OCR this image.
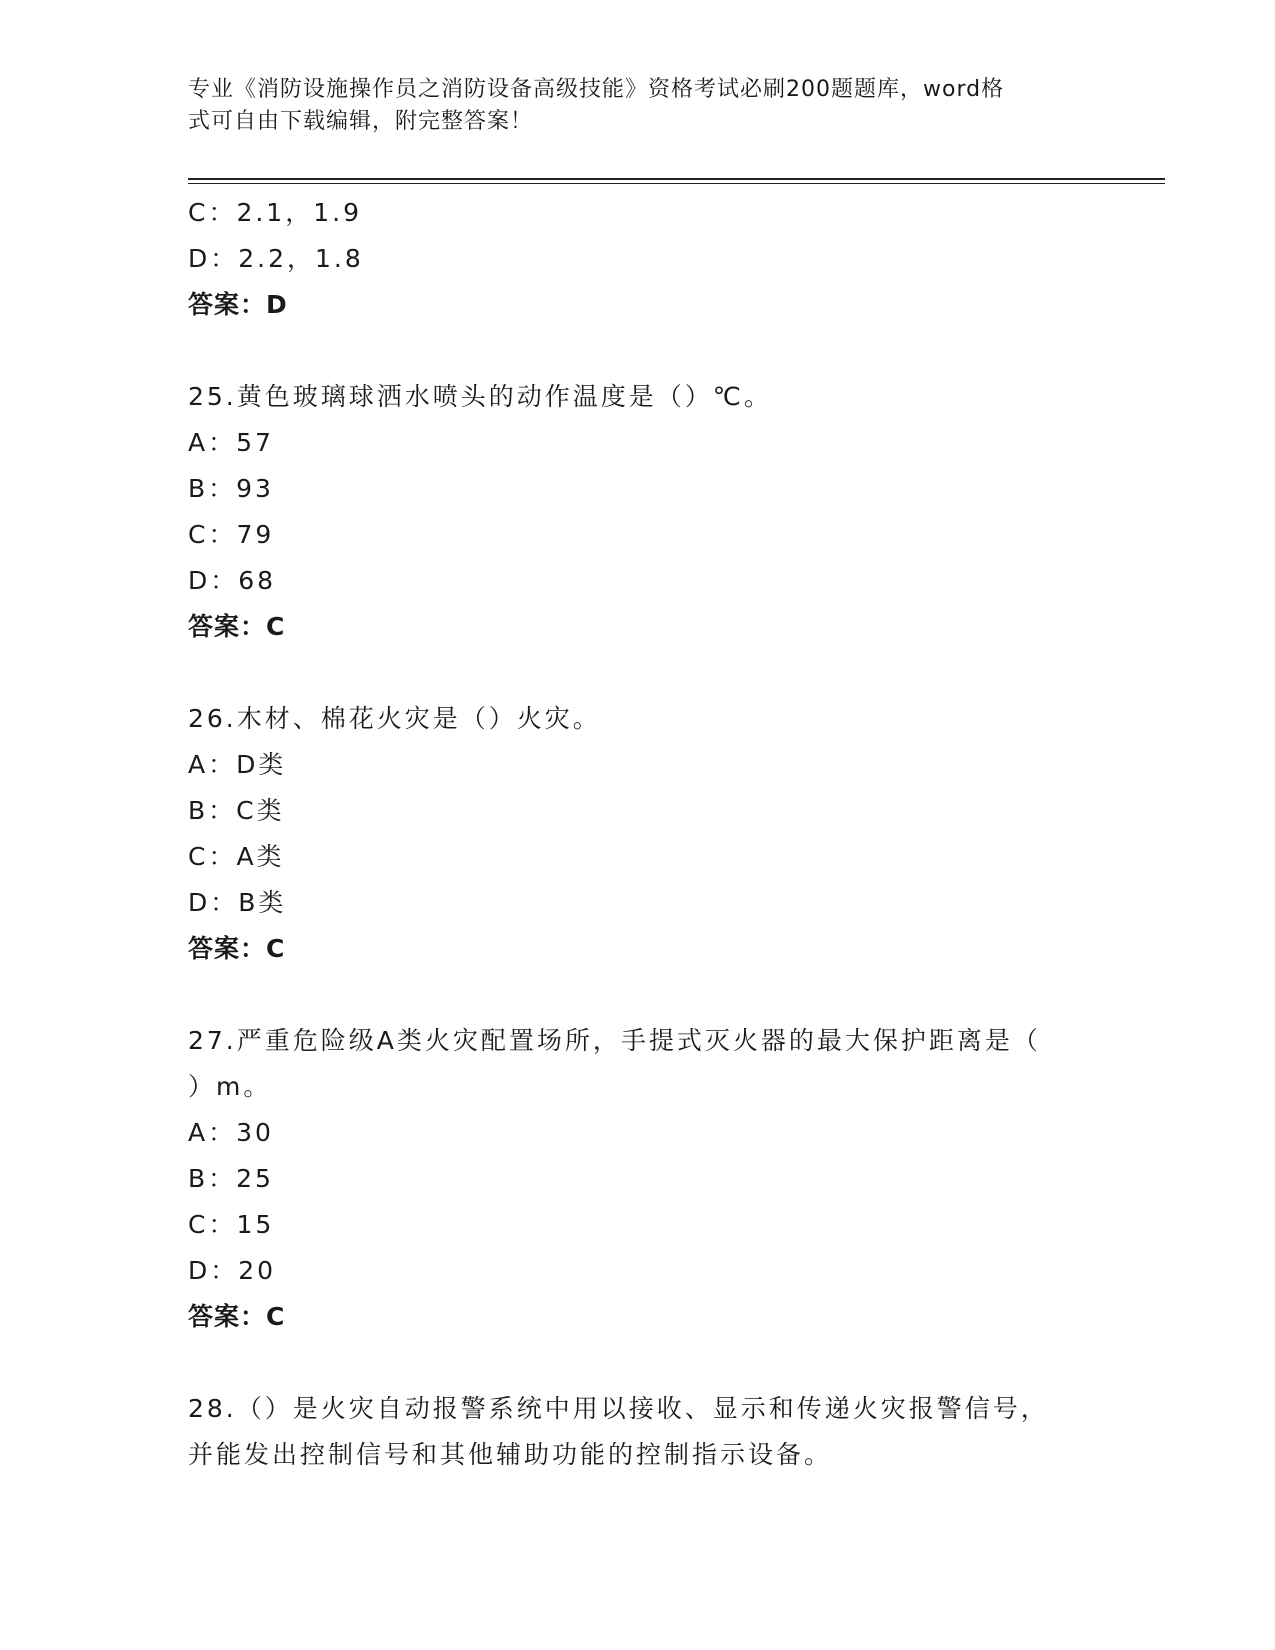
专业《消防设施操作员之消防设备高级技能》资格考试必刷200题题库，word格
式可自由下载编辑，附完整答案！
C：2.1，1.9
D：2.2，1.8
答案：D
25.黄色玻璃球洒水喷头的动作温度是（）℃。
A：57
B：93
C：79
D：68
答案：C
26.木材、棉花火灾是（）火灾。
A：D类
B：C类
C：A类
D：B类
答案：C
27.严重危险级A类火灾配置场所，手提式灭火器的最大保护距离是（
）m。
A：30
B：25
C：15
D：20
答案：C
28.（）是火灾自动报警系统中用以接收、显示和传递火灾报警信号，
并能发出控制信号和其他辅助功能的控制指示设备。
